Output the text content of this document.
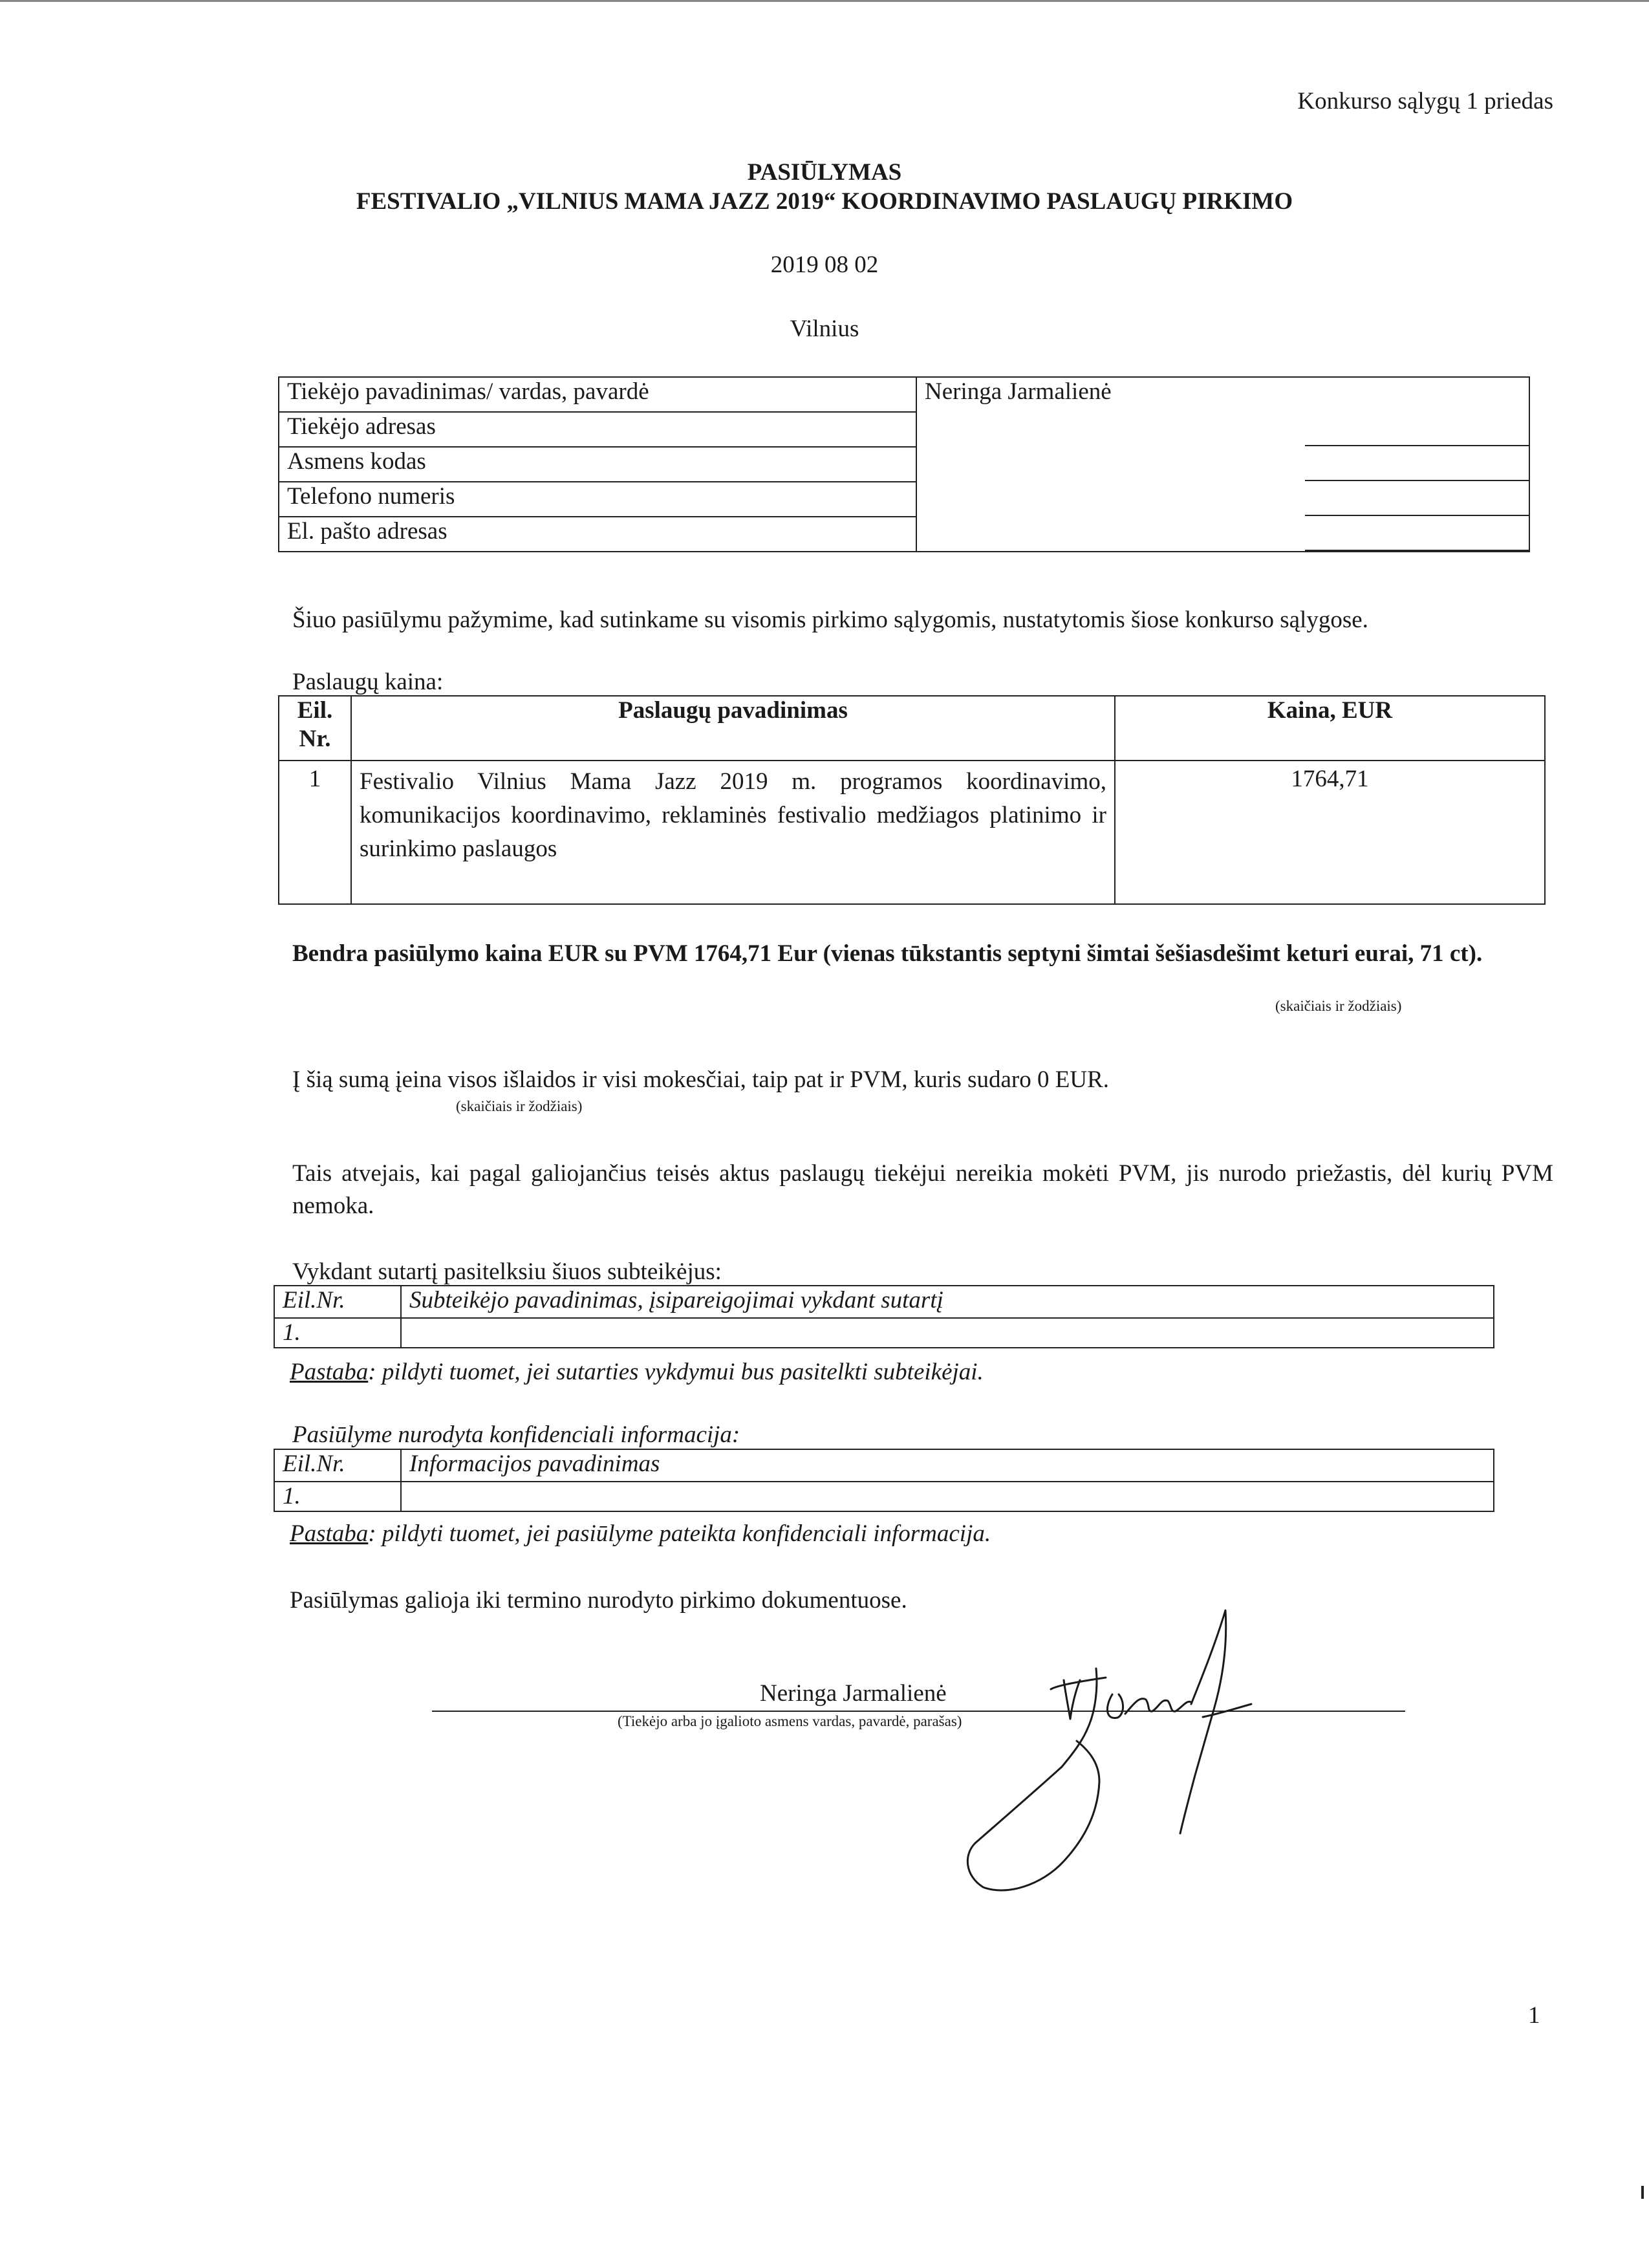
Konkurso sąlygų 1 priedas

PASIŪLYMAS

FESTIVALIO „VILNIUS MAMA JAZZ 2019“ KOORDINAVIMO PASLAUGŲ PIRKIMO

2019 08 02

Vilnius

Tiekėjo pavadinimas/ vardas, pavardė	Neringa Jarmalienė
Tiekėjo adresas
Asmens kodas
Telefono numeris
El. pašto adresas

Šiuo pasiūlymu pažymime, kad sutinkame su visomis pirkimo sąlygomis, nustatytomis šiose konkurso sąlygose.

Paslaugų kaina:

Eil. Nr.	Paslaugų pavadinimas	Kaina, EUR
1	Festivalio Vilnius Mama Jazz 2019 m. programos koordinavimo, komunikacijos koordinavimo, reklaminės festivalio medžiagos platinimo ir surinkimo paslaugos	1764,71

Bendra pasiūlymo kaina EUR su PVM 1764,71 Eur (vienas tūkstantis septyni šimtai šešiasdešimt keturi eurai, 71 ct).

(skaičiais ir žodžiais)

Į šią sumą įeina visos išlaidos ir visi mokesčiai, taip pat ir PVM, kuris sudaro 0 EUR.

(skaičiais ir žodžiais)

Tais atvejais, kai pagal galiojančius teisės aktus paslaugų tiekėjui nereikia mokėti PVM, jis nurodo priežastis, dėl kurių PVM nemoka.

Vykdant sutartį pasitelksiu šiuos subteikėjus:

Eil.Nr.	Subteikėjo pavadinimas, įsipareigojimai vykdant sutartį
1.	

Pastaba: pildyti tuomet, jei sutarties vykdymui bus pasitelkti subteikėjai.

Pasiūlyme nurodyta konfidenciali informacija:

Eil.Nr.	Informacijos pavadinimas
1.	

Pastaba: pildyti tuomet, jei pasiūlyme pateikta konfidenciali informacija.

Pasiūlymas galioja iki termino nurodyto pirkimo dokumentuose.

Neringa Jarmalienė

(Tiekėjo arba jo įgalioto asmens vardas, pavardė, parašas)

1
